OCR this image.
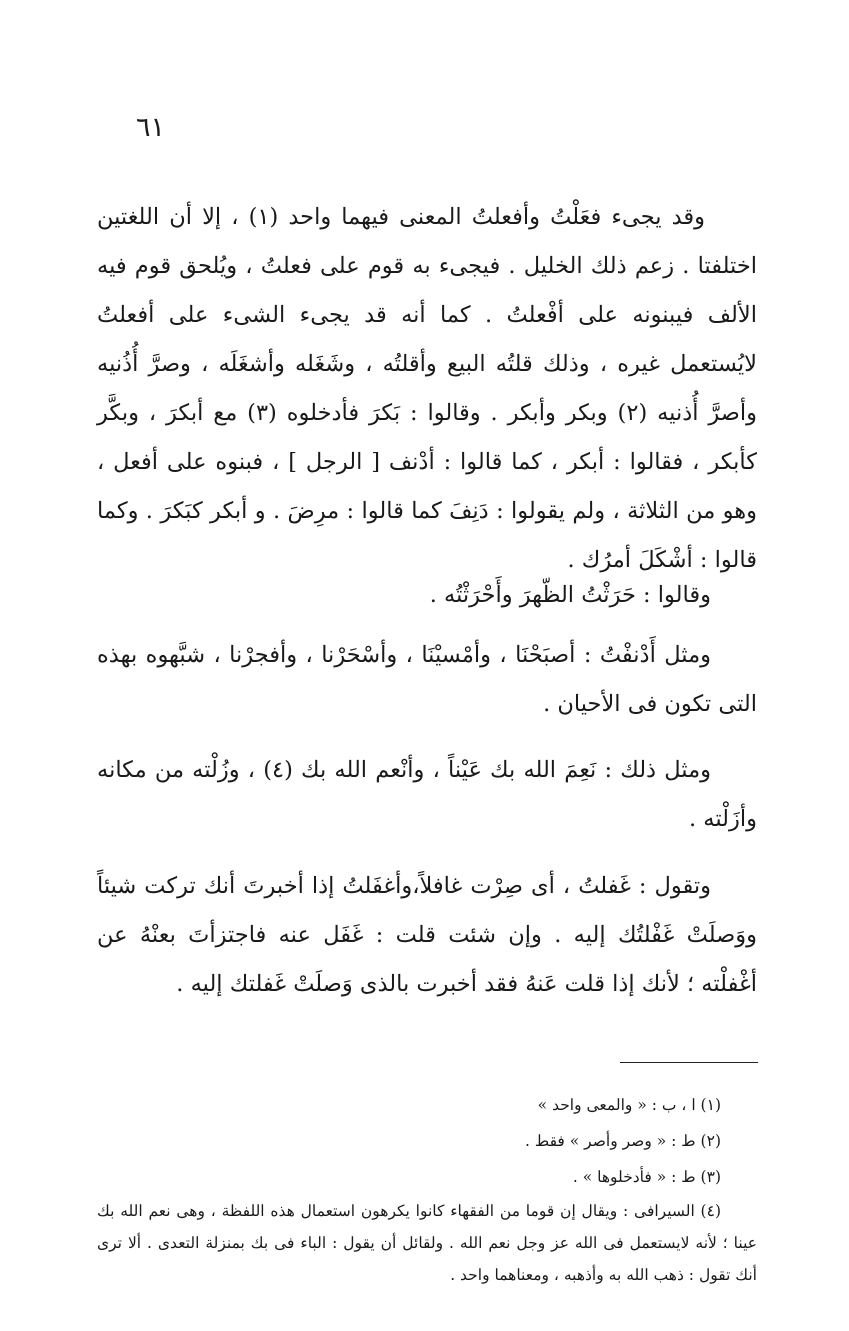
٦١

وقد يجىء فعَلْتُ وأفعلتُ المعنى فيهما واحد (١) ، إلا أن اللغتين اختلفتا . زعم ذلك الخليل . فيجىء به قوم على فعلتُ ، ويُلحق قوم فيه الألف فيبنونه على أفْعلتُ . كما أنه قد يجىء الشىء على أفعلتُ لايُستعمل غيره ، وذلك قلتُه البيع وأقلتُه ، وشَغَله وأشغَلَه ، وصرَّ أُذُنيه وأصرَّ أُذنيه (٢) وبكر وأبكر . وقالوا : بَكرَ فأدخلوه (٣) مع أبكرَ ، وبكَّر كأبكر ، فقالوا : أبكر ، كما قالوا : أدْنف [ الرجل ] ، فبنوه على أفعل ، وهو من الثلاثة ، ولم يقولوا : دَنِفَ كما قالوا : مرِضَ . و أبكر كبَكرَ . وكما قالوا : أشْكَلَ أمرُك .

وقالوا : حَرَثْتُ الظّهرَ وأَحْرَثْتُه .

ومثل أَدْنفْتُ : أصبَحْنَا ، وأمْسيْنَا ، وأسْحَرْنا ، وأفجرْنا ، شبَّهوه بهذه التى تكون فى الأحيان .

ومثل ذلك : نَعِمَ الله بك عَيْناً ، وأنْعم الله بك (٤) ، وزُلْته من مكانه وأزَلْته .

وتقول : غَفلتُ ، أى صِرْت غافلاً،وأغفَلتُ إذا أخبرتَ أنك تركت شيئاً ووَصلَتْ غَفْلتُك إليه . وإن شئت قلت : غَفَل عنه فاجتزأتَ بعنْهُ عن أغْفلْته ؛ لأنك إذا قلت عَنهُ فقد أخبرت بالذى وَصلَتْ غَفلتك إليه .

(١) ا ، ب : « والمعى واحد »

(٢) ط : « وصر وأصر » فقط .

(٣) ط : « فأدخلوها » .

(٤) السيرافى : ويقال إن قوما من الفقهاء كانوا يكرهون استعمال هذه اللفظة ، وهى نعم الله بك عينا ؛ لأنه لايستعمل فى الله عز وجل نعم الله . ولقائل أن يقول : الباء فى بك بمنزلة التعدى . ألا ترى أنك تقول : ذهب الله به وأذهبه ، ومعناهما واحد .
